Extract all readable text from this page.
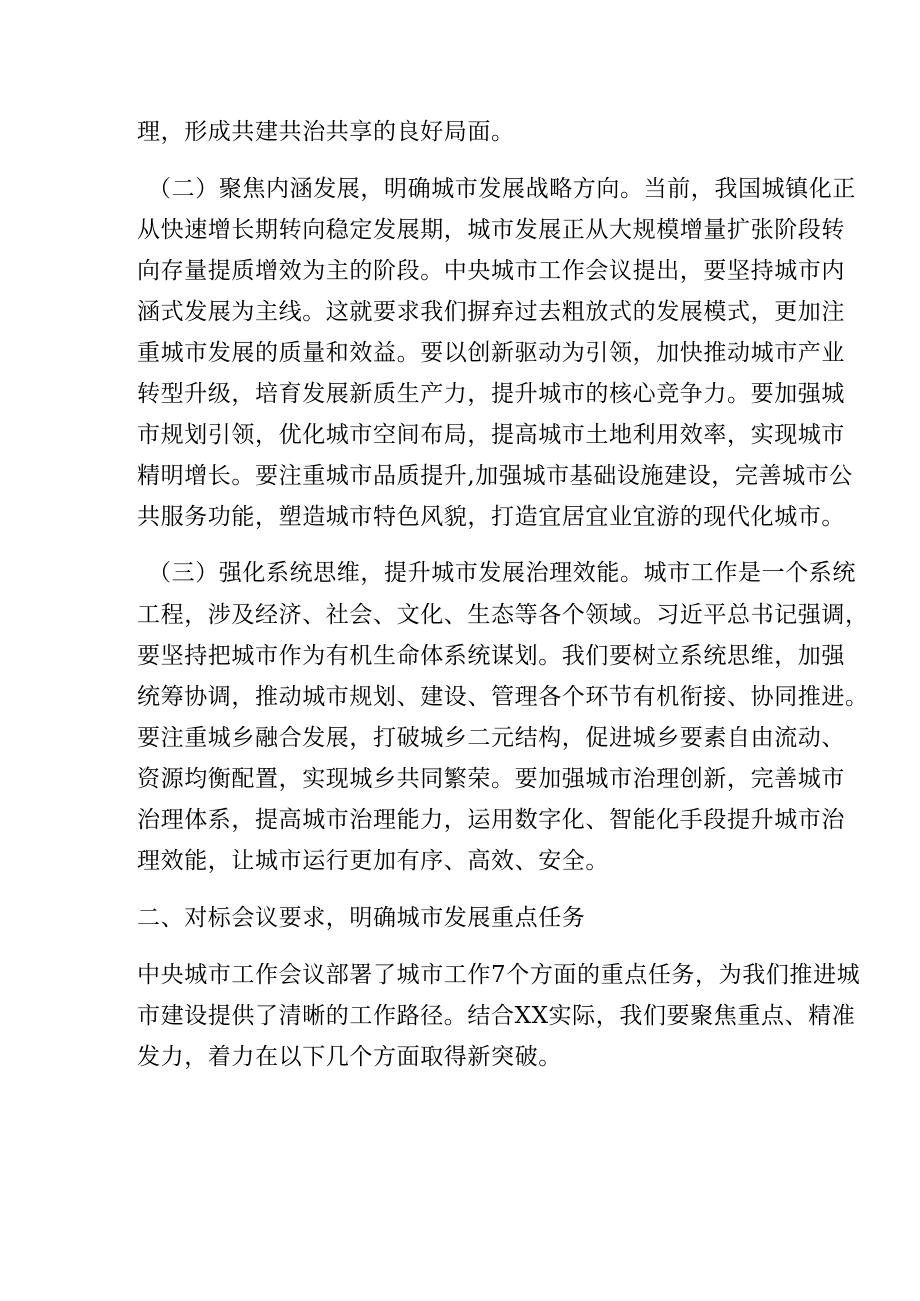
理，形成共建共治共享的良好局面。
（二）聚焦内涵发展，明确城市发展战略方向。当前，我国城镇化正
从快速增长期转向稳定发展期，城市发展正从大规模增量扩张阶段转
向存量提质增效为主的阶段。中央城市工作会议提出，要坚持城市内
涵式发展为主线。这就要求我们摒弃过去粗放式的发展模式，更加注
重城市发展的质量和效益。要以创新驱动为引领，加快推动城市产业
转型升级，培育发展新质生产力，提升城市的核心竞争力。要加强城
市规划引领，优化城市空间布局，提高城市土地利用效率，实现城市
精明增长。要注重城市品质提升,加强城市基础设施建设，完善城市公
共服务功能，塑造城市特色风貌，打造宜居宜业宜游的现代化城市。
（三）强化系统思维，提升城市发展治理效能。城市工作是一个系统
工程，涉及经济、社会、文化、生态等各个领域。习近平总书记强调，
要坚持把城市作为有机生命体系统谋划。我们要树立系统思维，加强
统筹协调，推动城市规划、建设、管理各个环节有机衔接、协同推进。
要注重城乡融合发展，打破城乡二元结构，促进城乡要素自由流动、
资源均衡配置，实现城乡共同繁荣。要加强城市治理创新，完善城市
治理体系，提高城市治理能力，运用数字化、智能化手段提升城市治
理效能，让城市运行更加有序、高效、安全。
二、对标会议要求，明确城市发展重点任务
中央城市工作会议部署了城市工作7个方面的重点任务，为我们推进城
市建设提供了清晰的工作路径。结合XX实际，我们要聚焦重点、精准
发力，着力在以下几个方面取得新突破。
